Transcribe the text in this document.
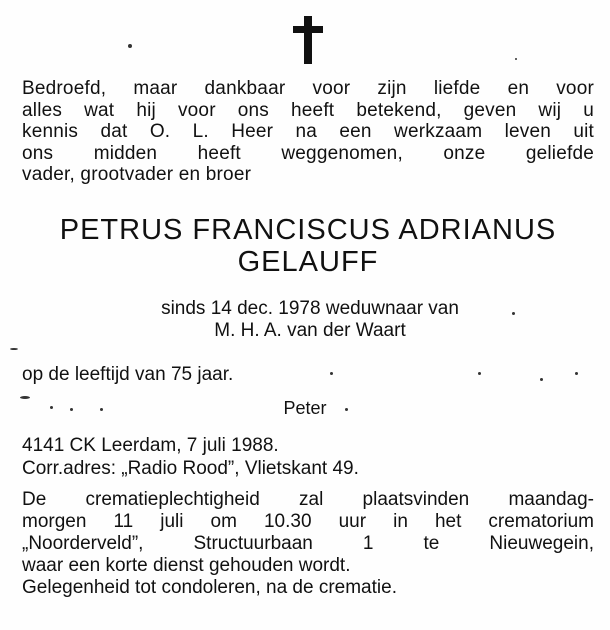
Bedroefd, maar dankbaar voor zijn liefde en voor
alles wat hij voor ons heeft betekend, geven wij u
kennis dat O. L. Heer na een werkzaam leven uit
ons midden heeft weggenomen, onze geliefde
vader, grootvader en broer
PETRUS FRANCISCUS ADRIANUS
GELAUFF
sinds 14 dec. 1978 weduwnaar van
M. H. A. van der Waart
op de leeftijd van 75 jaar.
Peter
4141 CK Leerdam, 7 juli 1988.
Corr.adres: „Radio Rood”, Vlietskant 49.
De crematieplechtigheid zal plaatsvinden maandag-
morgen 11 juli om 10.30 uur in het crematorium
„Noorderveld”, Structuurbaan 1 te Nieuwegein,
waar een korte dienst gehouden wordt.
Gelegenheid tot condoleren, na de crematie.
